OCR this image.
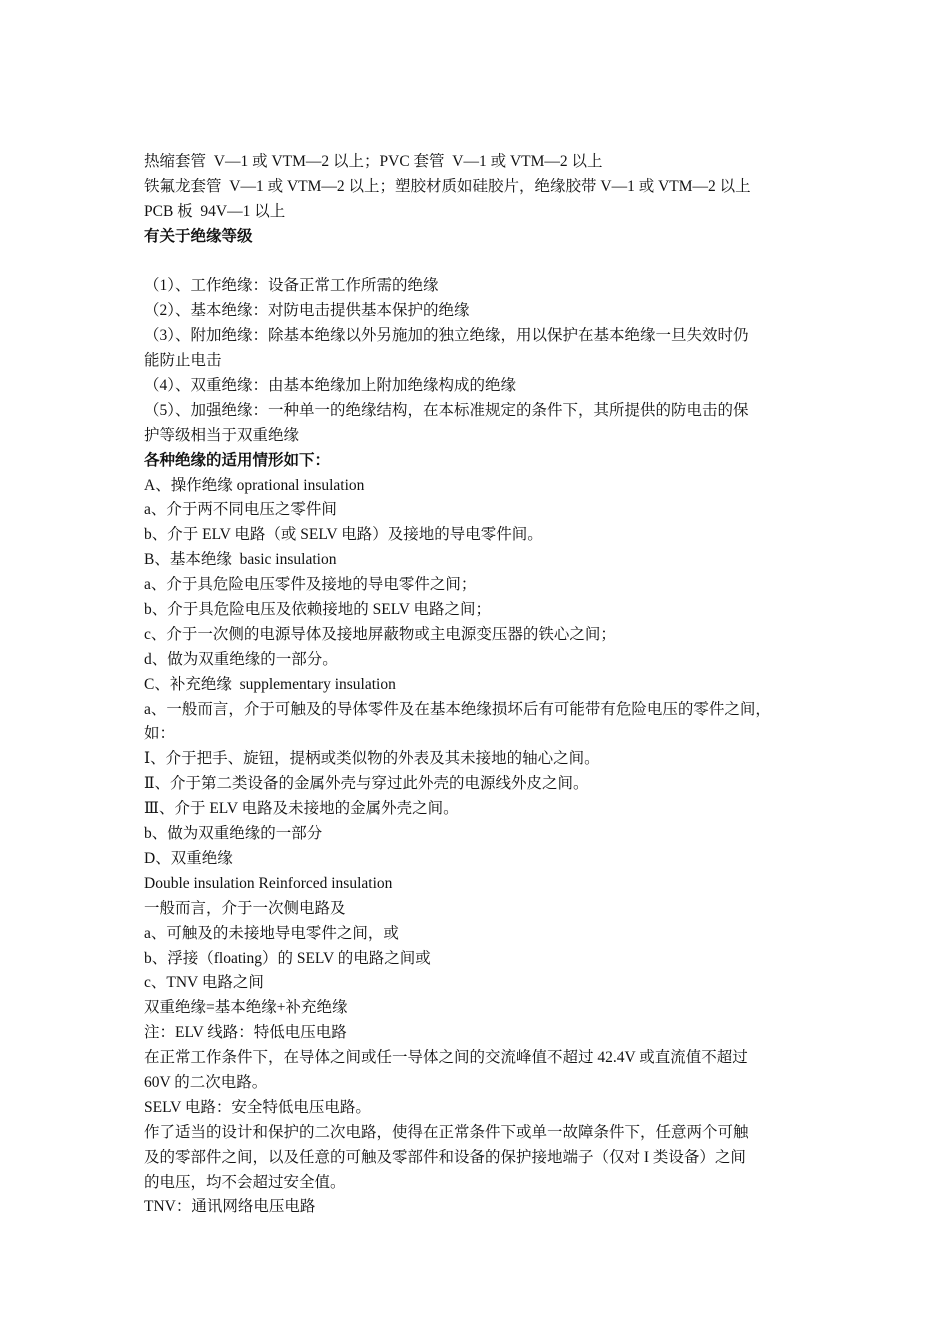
热缩套管  V—1 或 VTM—2 以上；PVC 套管  V—1 或 VTM—2 以上
铁氟龙套管  V—1 或 VTM—2 以上；塑胶材质如硅胶片，绝缘胶带 V—1 或 VTM—2 以上
PCB 板  94V—1 以上
有关于绝缘等级
（1）、工作绝缘：设备正常工作所需的绝缘
（2）、基本绝缘：对防电击提供基本保护的绝缘
（3）、附加绝缘：除基本绝缘以外另施加的独立绝缘，用以保护在基本绝缘一旦失效时仍
能防止电击
（4）、双重绝缘：由基本绝缘加上附加绝缘构成的绝缘
（5）、加强绝缘：一种单一的绝缘结构，在本标准规定的条件下，其所提供的防电击的保
护等级相当于双重绝缘
各种绝缘的适用情形如下：
A、操作绝缘 oprational insulation
a、介于两不同电压之零件间
b、介于 ELV 电路（或 SELV 电路）及接地的导电零件间。
B、基本绝缘  basic insulation
a、介于具危险电压零件及接地的导电零件之间；
b、介于具危险电压及依赖接地的 SELV 电路之间；
c、介于一次侧的电源导体及接地屏蔽物或主电源变压器的铁心之间；
d、做为双重绝缘的一部分。
C、补充绝缘  supplementary insulation
a、一般而言，介于可触及的导体零件及在基本绝缘损坏后有可能带有危险电压的零件之间，
如：
Ⅰ、介于把手、旋钮，提柄或类似物的外表及其未接地的轴心之间。
Ⅱ、介于第二类设备的金属外壳与穿过此外壳的电源线外皮之间。
Ⅲ、介于 ELV 电路及未接地的金属外壳之间。
b、做为双重绝缘的一部分
D、双重绝缘
Double insulation Reinforced insulation
一般而言，介于一次侧电路及
a、可触及的未接地导电零件之间，或
b、浮接（floating）的 SELV 的电路之间或
c、TNV 电路之间
双重绝缘=基本绝缘+补充绝缘
注：ELV 线路：特低电压电路
在正常工作条件下，在导体之间或任一导体之间的交流峰值不超过 42.4V 或直流值不超过
60V 的二次电路。
SELV 电路：安全特低电压电路。
作了适当的设计和保护的二次电路，使得在正常条件下或单一故障条件下，任意两个可触
及的零部件之间，以及任意的可触及零部件和设备的保护接地端子（仅对 I 类设备）之间
的电压，均不会超过安全值。
TNV：通讯网络电压电路
